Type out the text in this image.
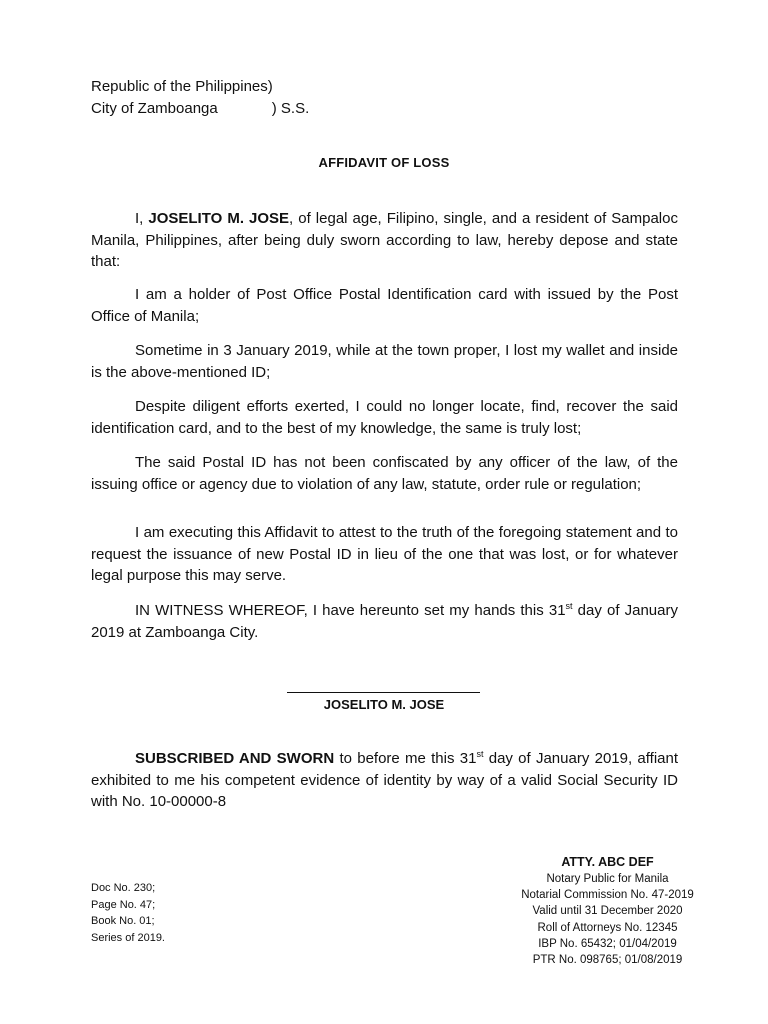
Republic of the Philippines)
City of Zamboanga	) S.S.
AFFIDAVIT OF LOSS
I, JOSELITO M. JOSE, of legal age, Filipino, single, and a resident of Sampaloc Manila, Philippines, after being duly sworn according to law, hereby depose and state that:
I am a holder of Post Office Postal Identification card with issued by the Post Office of Manila;
Sometime in 3 January 2019, while at the town proper, I lost my wallet and inside is the above-mentioned ID;
Despite diligent efforts exerted, I could no longer locate, find, recover the said identification card, and to the best of my knowledge, the same is truly lost;
The said Postal ID has not been confiscated by any officer of the law, of the issuing office or agency due to violation of any law, statute, order rule or regulation;
I am executing this Affidavit to attest to the truth of the foregoing statement and to request the issuance of new Postal ID in lieu of the one that was lost, or for whatever legal purpose this may serve.
IN WITNESS WHEREOF, I have hereunto set my hands this 31st day of January 2019 at Zamboanga City.
JOSELITO M. JOSE
SUBSCRIBED AND SWORN to before me this 31st day of January 2019, affiant exhibited to me his competent evidence of identity by way of a valid Social Security ID with No. 10-00000-8
ATTY. ABC DEF
Notary Public for Manila
Notarial Commission No. 47-2019
Valid until 31 December 2020
Roll of Attorneys No. 12345
IBP No. 65432; 01/04/2019
PTR No. 098765; 01/08/2019
Doc No. 230;
Page No. 47;
Book No. 01;
Series of 2019.
